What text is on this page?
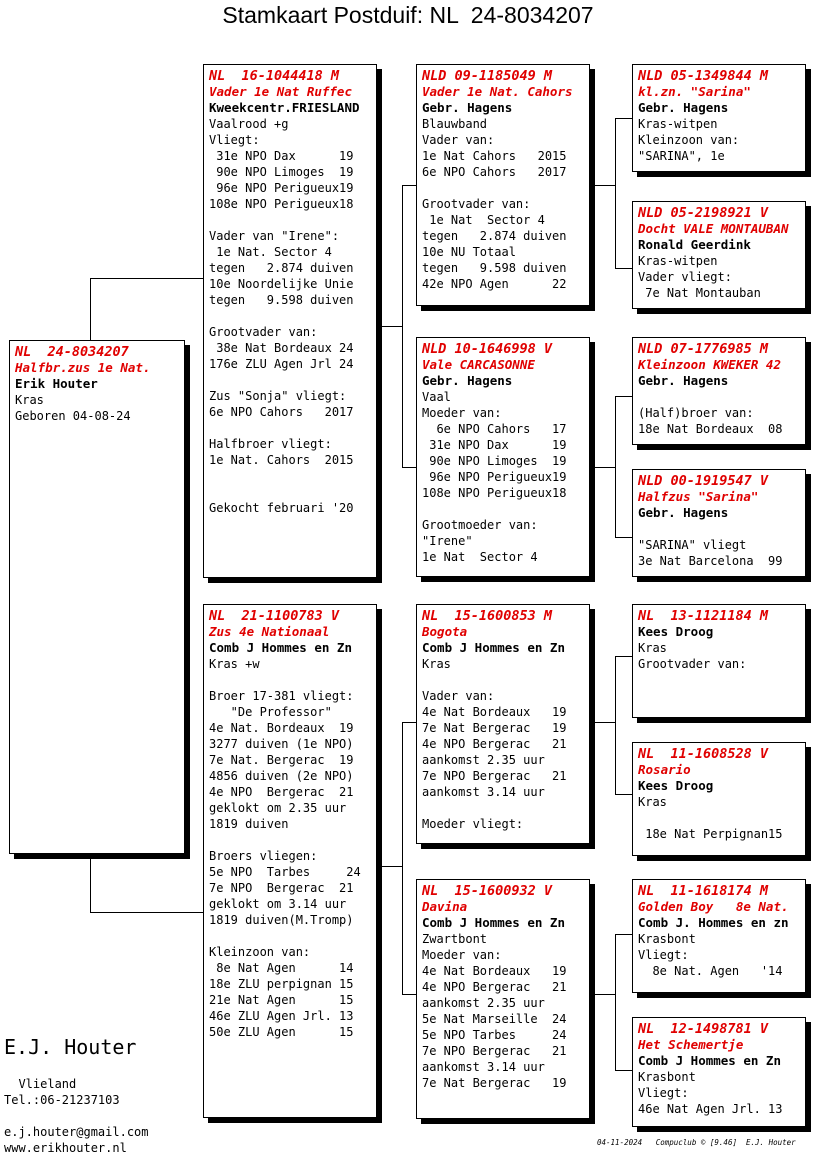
Stamkaart Postduif: NL  24-8034207
NL  24-8034207
Halfbr.zus 1e Nat.
Erik Houter
Kras
Geboren 04-08-24
NL  16-1044418 M
Vader 1e Nat Ruffec
Kweekcentr.FRIESLAND
Vaalrood +g
Vliegt:
31e NPO Dax      19
90e NPO Limoges  19
96e NPO Perigueux19
108e NPO Perigueux18
Vader van "Irene":
1e Nat. Sector 4
tegen   2.874 duiven
10e Noordelijke Unie
tegen   9.598 duiven
Grootvader van:
38e Nat Bordeaux 24
176e ZLU Agen Jrl 24
Zus "Sonja" vliegt:
6e NPO Cahors   2017
Halfbroer vliegt:
1e Nat. Cahors  2015
Gekocht februari '20
NL  21-1100783 V
Zus 4e Nationaal
Comb J Hommes en Zn
Kras +w
Broer 17-381 vliegt:
"De Professor"
4e Nat. Bordeaux  19
3277 duiven (1e NPO)
7e Nat. Bergerac  19
4856 duiven (2e NPO)
4e NPO  Bergerac  21
geklokt om 2.35 uur
1819 duiven
Broers vliegen:
5e NPO  Tarbes     24
7e NPO  Bergerac  21
geklokt om 3.14 uur
1819 duiven(M.Tromp)
Kleinzoon van:
8e Nat Agen      14
18e ZLU perpignan 15
21e Nat Agen      15
46e ZLU Agen Jrl. 13
50e ZLU Agen      15
NLD 09-1185049 M
Vader 1e Nat. Cahors
Gebr. Hagens
Blauwband
Vader van:
1e Nat Cahors   2015
6e NPO Cahors   2017
Grootvader van:
1e Nat  Sector 4
tegen   2.874 duiven
10e NU Totaal
tegen   9.598 duiven
42e NPO Agen      22
NLD 10-1646998 V
Vale CARCASONNE
Gebr. Hagens
Vaal
Moeder van:
6e NPO Cahors   17
31e NPO Dax      19
90e NPO Limoges  19
96e NPO Perigueux19
108e NPO Perigueux18
Grootmoeder van:
"Irene"
1e Nat  Sector 4
NL  15-1600853 M
Bogota
Comb J Hommes en Zn
Kras
Vader van:
4e Nat Bordeaux   19
7e Nat Bergerac   19
4e NPO Bergerac   21
aankomst 2.35 uur
7e NPO Bergerac   21
aankomst 3.14 uur
Moeder vliegt:
NL  15-1600932 V
Davina
Comb J Hommes en Zn
Zwartbont
Moeder van:
4e Nat Bordeaux   19
4e NPO Bergerac   21
aankomst 2.35 uur
5e Nat Marseille  24
5e NPO Tarbes     24
7e NPO Bergerac   21
aankomst 3.14 uur
7e Nat Bergerac   19
NLD 05-1349844 M
kl.zn. "Sarina"
Gebr. Hagens
Kras-witpen
Kleinzoon van:
"SARINA", 1e
NLD 05-2198921 V
Docht VALE MONTAUBAN
Ronald Geerdink
Kras-witpen
Vader vliegt:
7e Nat Montauban
NLD 07-1776985 M
Kleinzoon KWEKER 42
Gebr. Hagens
(Half)broer van:
18e Nat Bordeaux  08
NLD 00-1919547 V
Halfzus "Sarina"
Gebr. Hagens
"SARINA" vliegt
3e Nat Barcelona  99
NL  13-1121184 M
Kees Droog
Kras
Grootvader van:
NL  11-1608528 V
Rosario
Kees Droog
Kras
18e Nat Perpignan15
NL  11-1618174 M
Golden Boy   8e Nat.
Comb J. Hommes en zn
Krasbont
Vliegt:
8e Nat. Agen   '14
NL  12-1498781 V
Het Schemertje
Comb J Hommes en Zn
Krasbont
Vliegt:
46e Nat Agen Jrl. 13
E.J. Houter
Vlieland
Tel.:06-21237103
e.j.houter@gmail.com
www.erikhouter.nl	04-11-2024   Compuclub © [9.46]  E.J. Houter
